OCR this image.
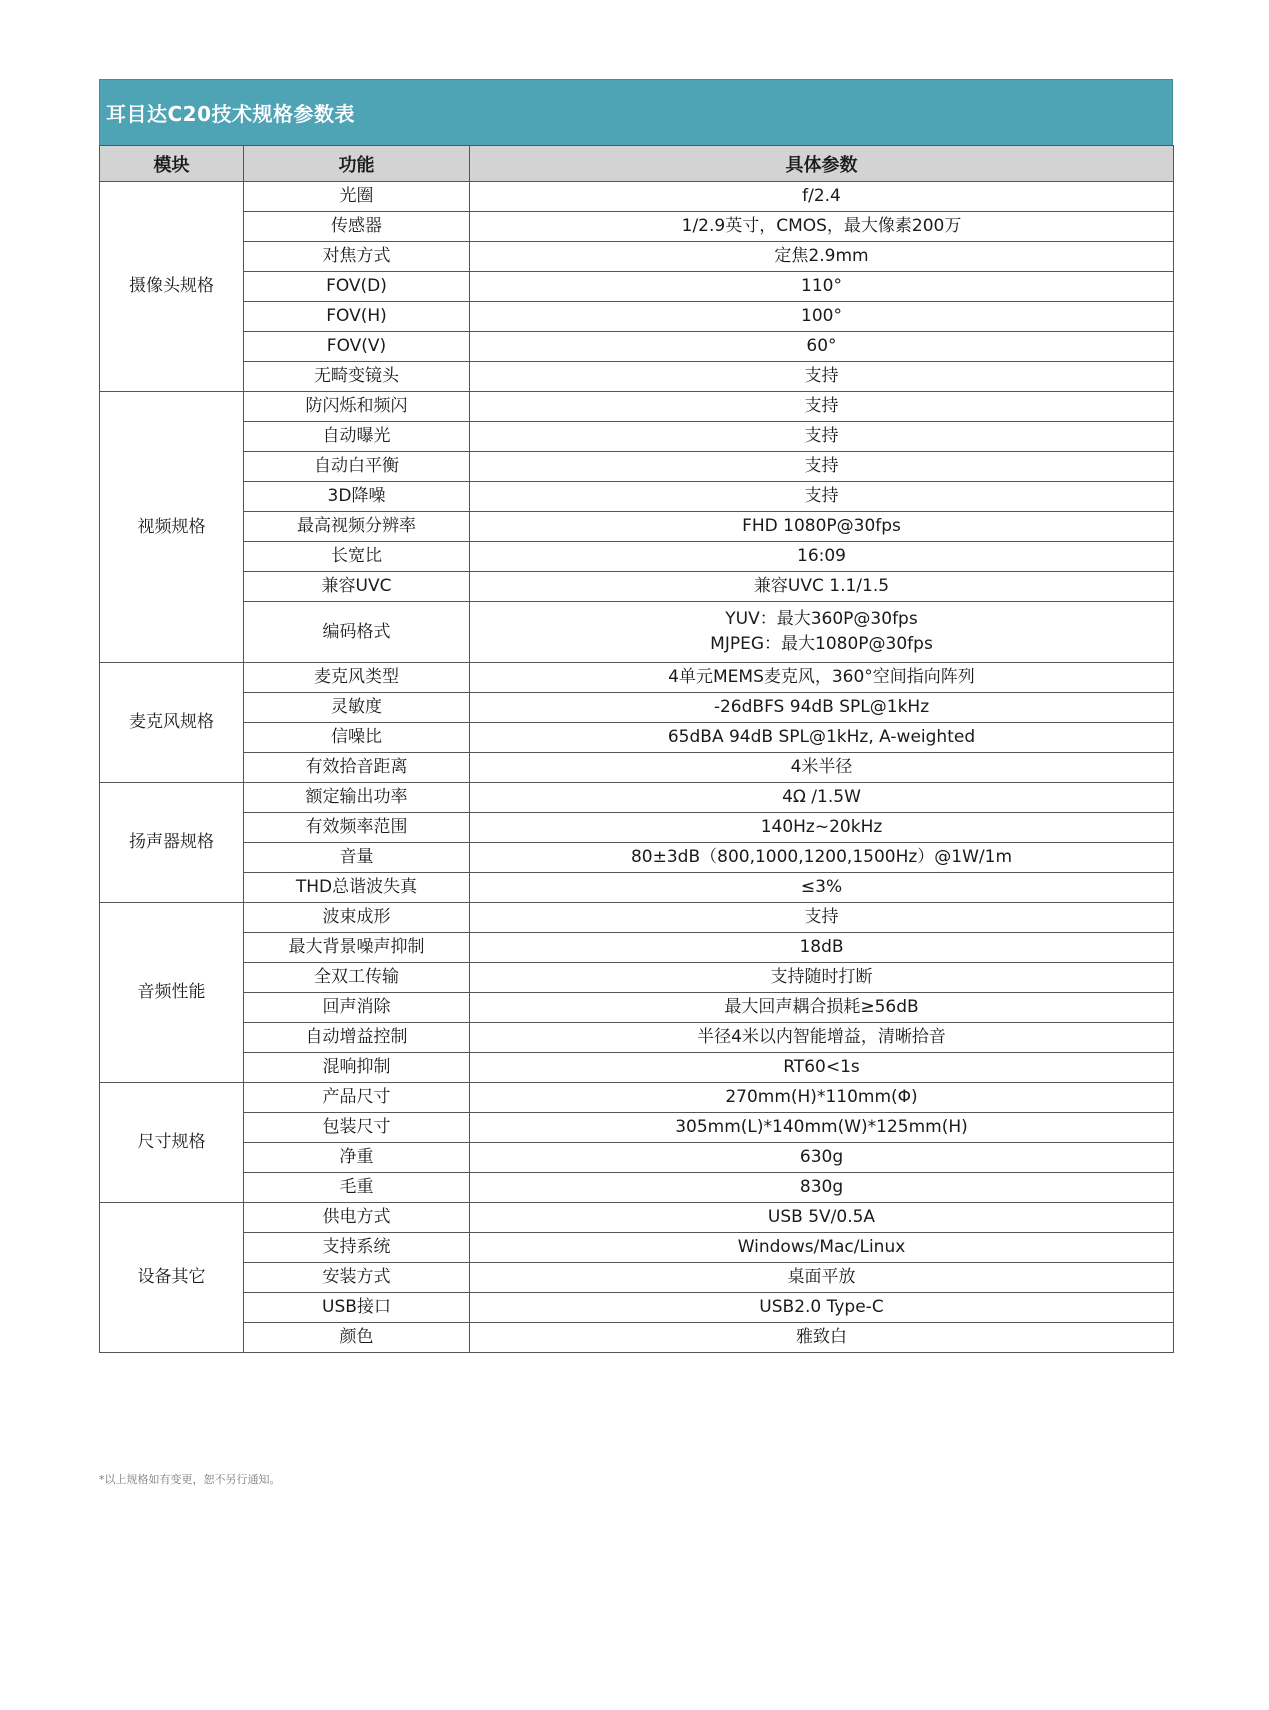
耳目达C20技术规格参数表
模块	功能	具体参数
摄像头规格	光圈	f/2.4
	传感器	1/2.9英寸，CMOS，最大像素200万
	对焦方式	定焦2.9mm
	FOV(D)	110°
	FOV(H)	100°
	FOV(V)	60°
	无畸变镜头	支持
视频规格	防闪烁和频闪	支持
	自动曝光	支持
	自动白平衡	支持
	3D降噪	支持
	最高视频分辨率	FHD 1080P@30fps
	长宽比	16:09
	兼容UVC	兼容UVC 1.1/1.5
	编码格式	YUV：最大360P@30fps
MJPEG：最大1080P@30fps

麦克风规格	麦克风类型	4单元MEMS麦克风，360°空间指向阵列
	灵敏度	-26dBFS 94dB SPL@1kHz
	信噪比	65dBA 94dB SPL@1kHz, A-weighted
	有效拾音距离	4米半径
扬声器规格	额定输出功率	4Ω /1.5W
	有效频率范围	140Hz~20kHz
	音量	80±3dB（800,1000,1200,1500Hz）@1W/1m
	THD总谐波失真	≤3%
音频性能	波束成形	支持
	最大背景噪声抑制	18dB
	全双工传输	支持随时打断
	回声消除	最大回声耦合损耗≥56dB
	自动增益控制	半径4米以内智能增益，清晰拾音
	混响抑制	RT60<1s
尺寸规格	产品尺寸	270mm(H)*110mm(Φ)
	包装尺寸	305mm(L)*140mm(W)*125mm(H)
	净重	630g
	毛重	830g
设备其它	供电方式	USB 5V/0.5A
	支持系统	Windows/Mac/Linux
	安装方式	桌面平放
	USB接口	USB2.0 Type-C
	颜色	雅致白
*以上规格如有变更，恕不另行通知。
